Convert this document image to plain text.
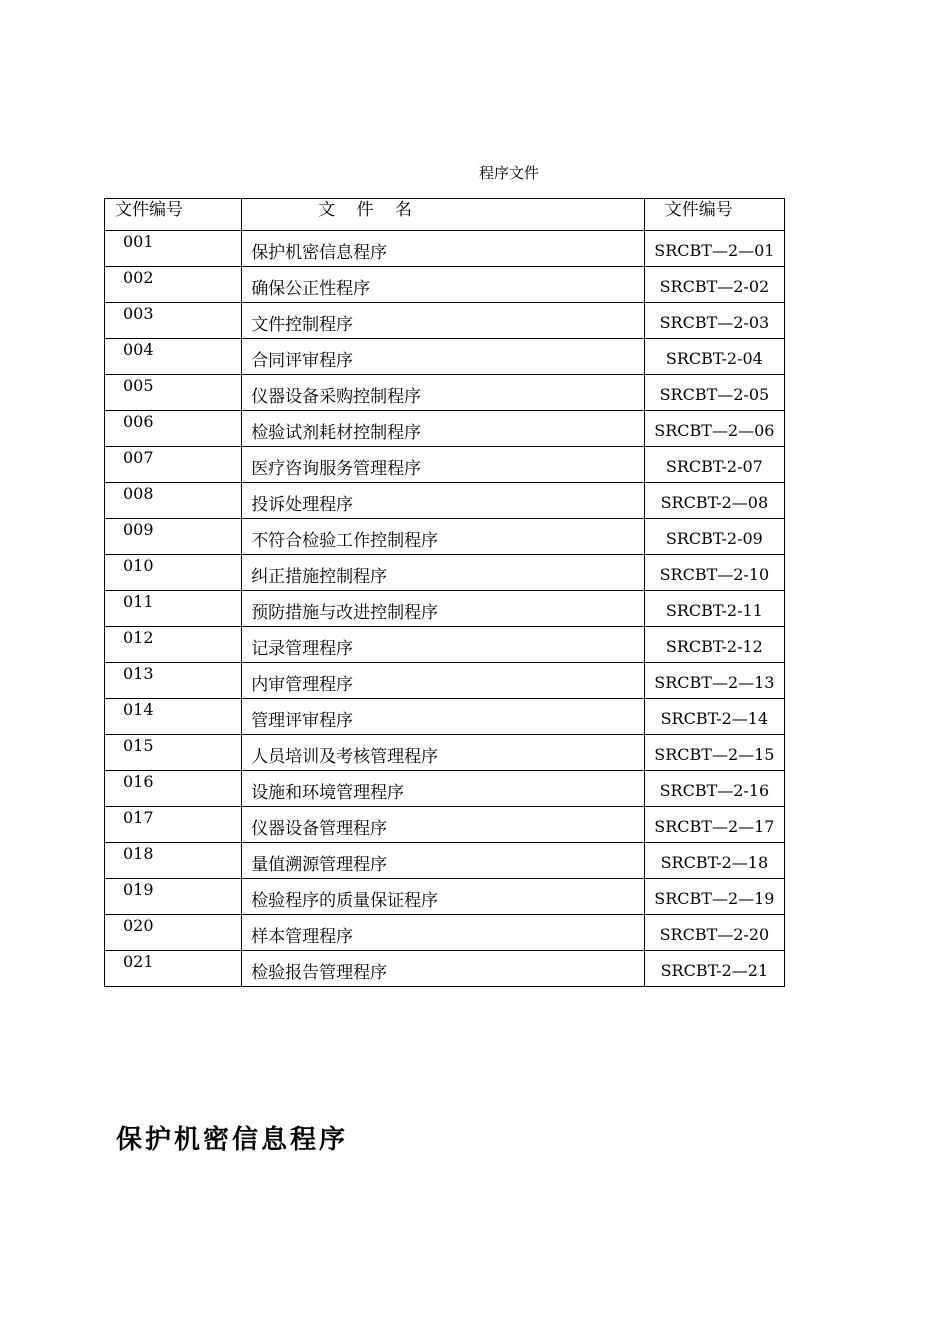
程序文件
文件编号	文 件 名	文件编号
001	保护机密信息程序	SRCBT—2—01
002	确保公正性程序	SRCBT—2-02
003	文件控制程序	SRCBT—2-03
004	合同评审程序	SRCBT-2-04
005	仪器设备采购控制程序	SRCBT—2-05
006	检验试剂耗材控制程序	SRCBT—2—06
007	医疗咨询服务管理程序	SRCBT-2-07
008	投诉处理程序	SRCBT-2—08
009	不符合检验工作控制程序	SRCBT-2-09
010	纠正措施控制程序	SRCBT—2-10
011	预防措施与改进控制程序	SRCBT-2-11
012	记录管理程序	SRCBT-2-12
013	内审管理程序	SRCBT—2—13
014	管理评审程序	SRCBT-2—14
015	人员培训及考核管理程序	SRCBT—2—15
016	设施和环境管理程序	SRCBT—2-16
017	仪器设备管理程序	SRCBT—2—17
018	量值溯源管理程序	SRCBT-2—18
019	检验程序的质量保证程序	SRCBT—2—19
020	样本管理程序	SRCBT—2-20
021	检验报告管理程序	SRCBT-2—21
保护机密信息程序
